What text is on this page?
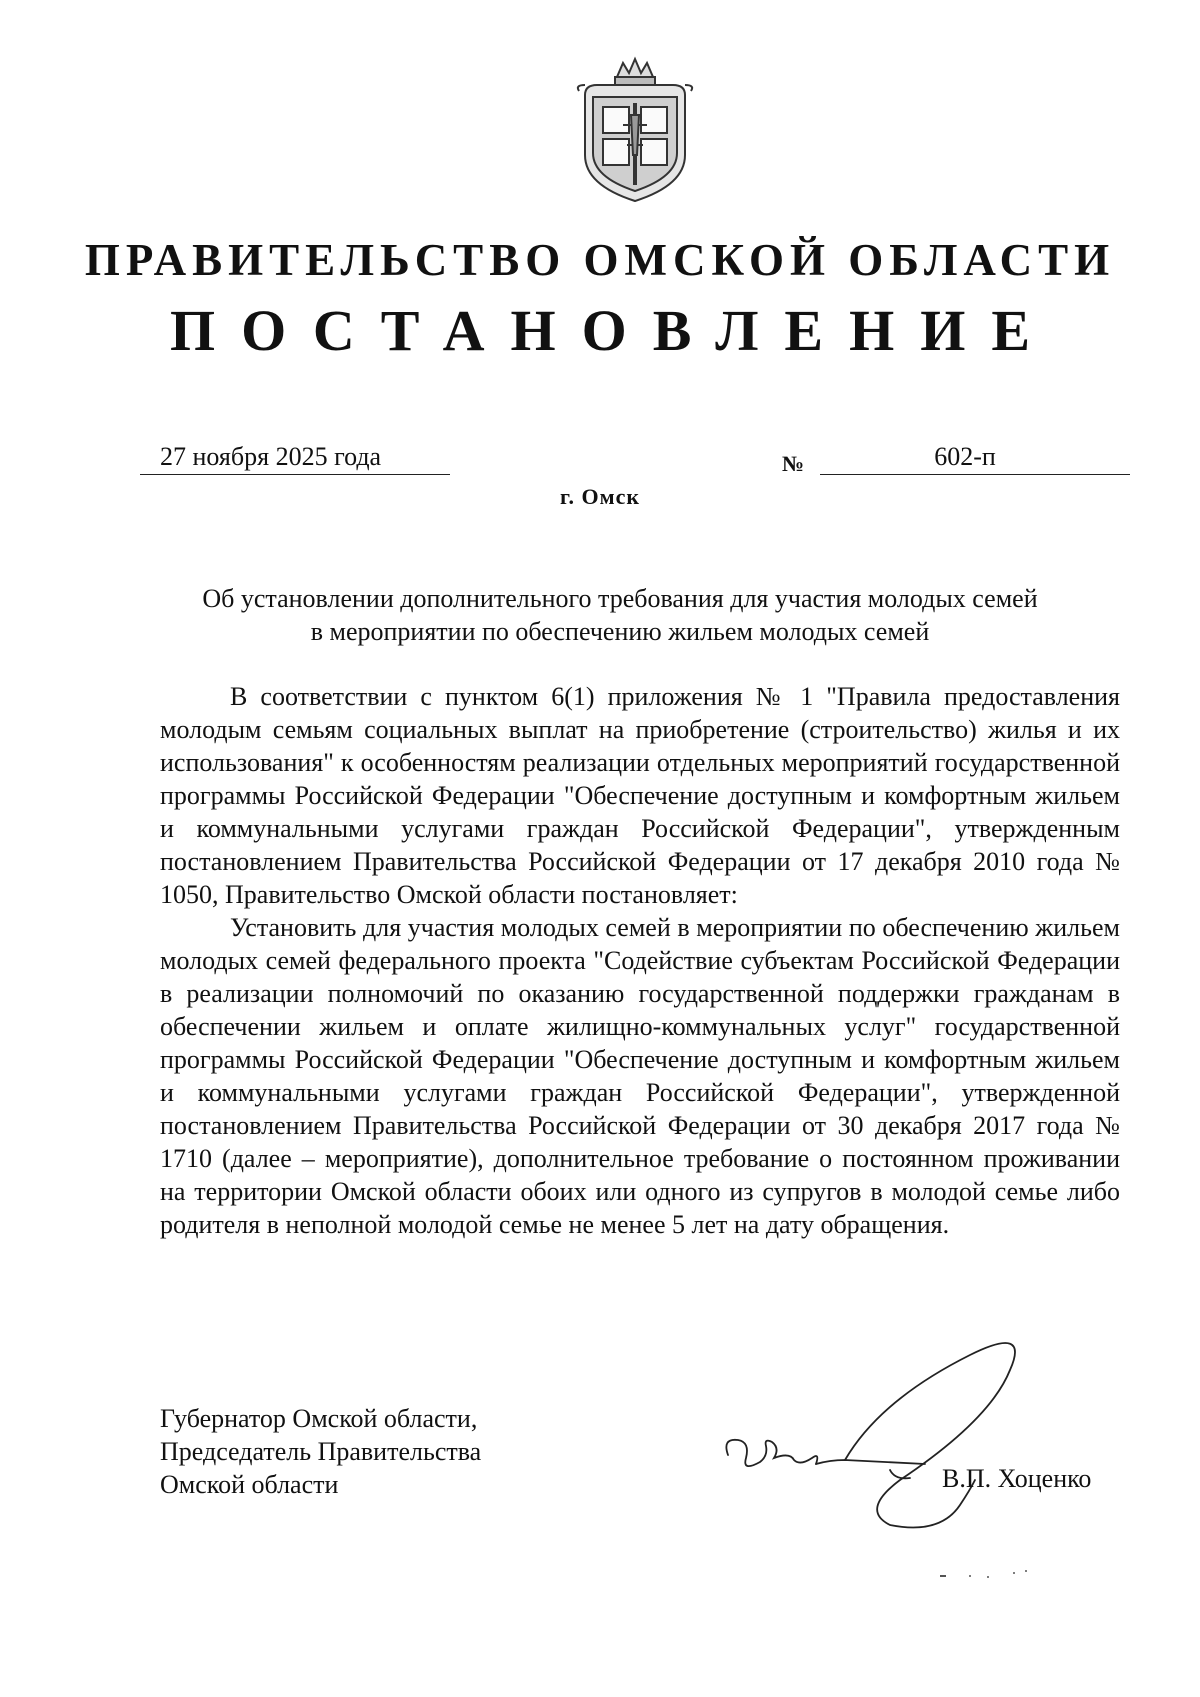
ПРАВИТЕЛЬСТВО ОМСКОЙ ОБЛАСТИ
ПОСТАНОВЛЕНИЕ
27 ноября 2025 года	№	602-п
г. Омск
Об установлении дополнительного требования для участия молодых семей
в мероприятии по обеспечению жильем молодых семей

В соответствии с пунктом 6(1) приложения № 1 "Правила предоставления молодым семьям социальных выплат на приобретение (строительство) жилья и их использования" к особенностям реализации отдельных мероприятий государственной программы Российской Федерации "Обеспечение доступным и комфортным жильем и коммунальными услугами граждан Российской Федерации", утвержденным постановлением Правительства Российской Федерации от 17 декабря 2010 года № 1050, Правительство Омской области постановляет:

Установить для участия молодых семей в мероприятии по обеспечению жильем молодых семей федерального проекта "Содействие субъектам Российской Федерации в реализации полномочий по оказанию государственной поддержки гражданам в обеспечении жильем и оплате жилищно-коммунальных услуг" государственной программы Российской Федерации "Обеспечение доступным и комфортным жильем и коммунальными услугами граждан Российской Федерации", утвержденной постановлением Правительства Российской Федерации от 30 декабря 2017 года № 1710 (далее – мероприятие), дополнительное требование о постоянном проживании на территории Омской области обоих или одного из супругов в молодой семье либо родителя в неполной молодой семье не менее 5 лет на дату обращения.

Губернатор Омской области,
Председатель Правительства
Омской области	В.П. Хоценко
